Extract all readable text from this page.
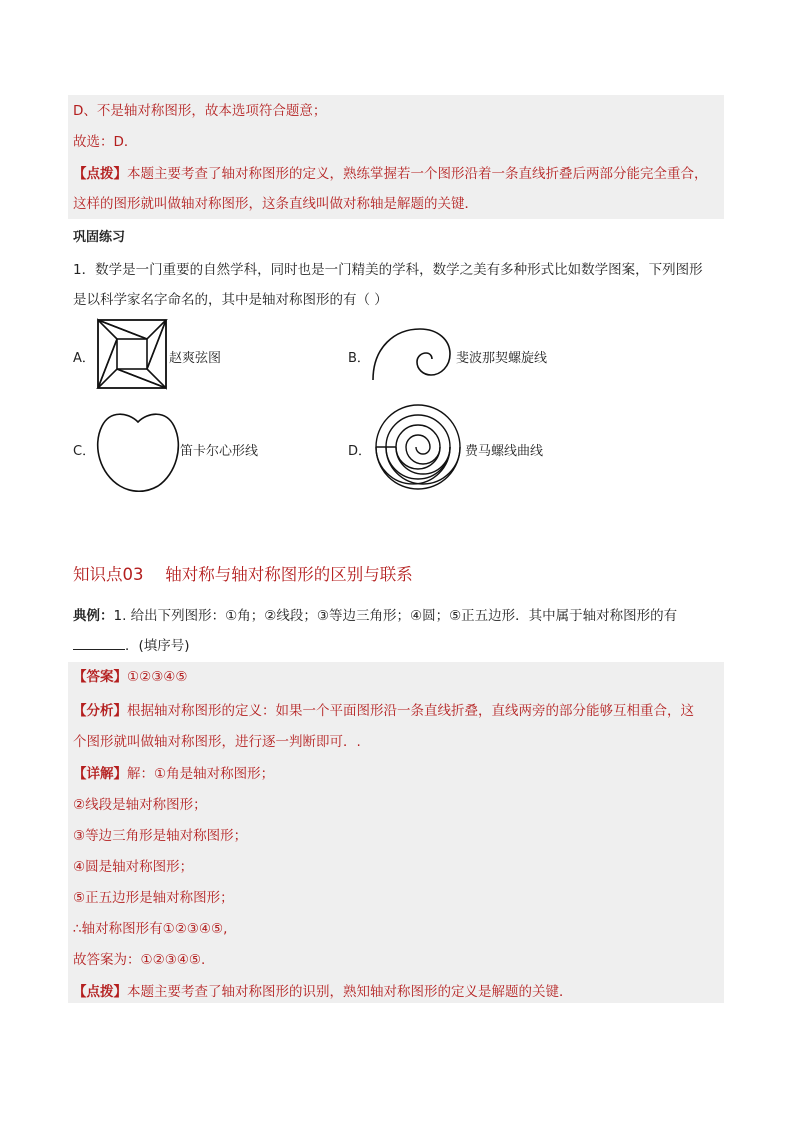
D、不是轴对称图形，故本选项符合题意；
故选：D．
【点拨】本题主要考查了轴对称图形的定义，熟练掌握若一个图形沿着一条直线折叠后两部分能完全重合，
这样的图形就叫做轴对称图形，这条直线叫做对称轴是解题的关键．
巩固练习
1．数学是一门重要的自然学科，同时也是一门精美的学科，数学之美有多种形式比如数学图案，下列图形
是以科学家名字命名的，其中是轴对称图形的有（ ）
A．	赵爽弦图	B．	斐波那契螺旋线
C．	笛卡尔心形线	D．	费马螺线曲线
知识点03　 轴对称与轴对称图形的区别与联系
典例：1. 给出下列图形：①角；②线段；③等边三角形；④圆；⑤正五边形．其中属于轴对称图形的有
．(填序号)
【答案】①②③④⑤
【分析】根据轴对称图形的定义：如果一个平面图形沿一条直线折叠，直线两旁的部分能够互相重合，这
个图形就叫做轴对称图形，进行逐一判断即可．.
【详解】解：①角是轴对称图形；
②线段是轴对称图形；
③等边三角形是轴对称图形；
④圆是轴对称图形；
⑤正五边形是轴对称图形；
∴轴对称图形有①②③④⑤,
故答案为：①②③④⑤.
【点拨】本题主要考查了轴对称图形的识别，熟知轴对称图形的定义是解题的关键．
